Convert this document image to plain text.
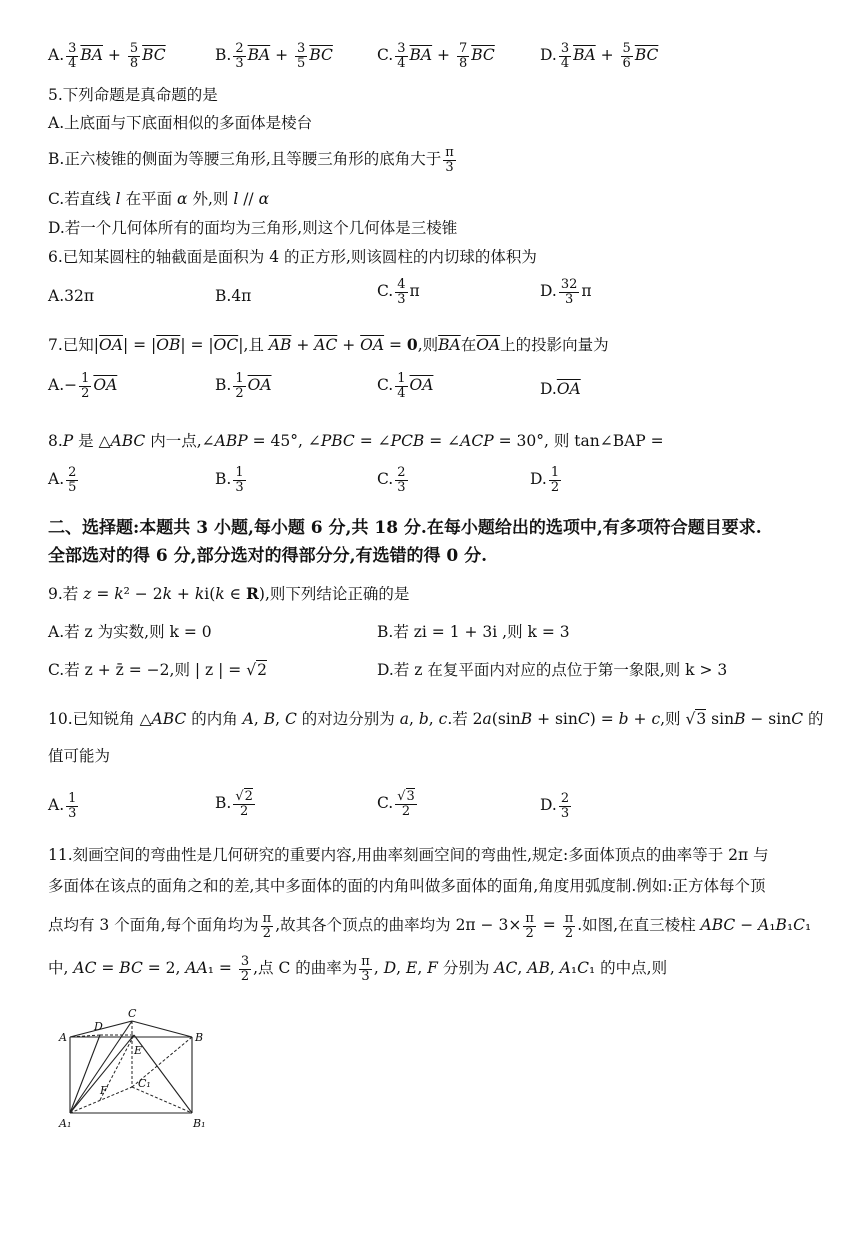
A. $\frac{3}{4} \overline{BA} + \frac{5}{8} \overline{BC}$	B. $\frac{2}{3} \overline{BA} + \frac{3}{5} \overline{BC}$	C. $\frac{3}{4} \overline{BA} + \frac{7}{8} \overline{BC}$	D. $\frac{3}{4} \overline{BA} + \frac{5}{6} \overline{BC}$
5.下列命题是真命题的是
A.上底面与下底面相似的多面体是棱台
B.正六棱锥的侧面为等腰三角形,且等腰三角形的底角大于 $\frac{\pi}{3}$
C.若直线 l 在平面 α 外,则 l // α
D.若一个几何体所有的面均为三角形,则这个几何体是三棱锥
6.已知某圆柱的轴截面是面积为 4 的正方形,则该圆柱的内切球的体积为
A.32π	B.4π	C. $\frac{4}{3}$ π	D. $\frac{32}{3}$ π
7.已知$|\overline{OA}| = |\overline{OB}| = |\overline{OC}|$,且 $\overline{AB} + \overline{AC} + \overline{OA} = 0$,则$\overline{BA}$在$\overline{OA}$上的投影向量为
$A.- \frac{1}{2} \overline{OA}$	B. $\frac{1}{2} \overline{OA}$	C. $\frac{1}{4} \overline{OA}$	$D.\overline{OA}$
8.P 是 △ABC 内一点,∠ABP = 45°, ∠PBC = ∠PCB = ∠ACP = 30°, 则 tan∠BAP =
A. $\frac{2}{5}$	B. $\frac{1}{3}$	C. $\frac{2}{3}$	D. $\frac{1}{2}$
二、选择题:本题共 3 小题,每小题 6 分,共 18 分.在每小题给出的选项中,有多项符合题目要求.
全部选对的得 6 分,部分选对的得部分分,有选错的得 0 分.
9.若 z = k² − 2k + ki(k ∈ R),则下列结论正确的是
A.若 z 为实数,则 k = 0	B.若 zi = 1 + 3i ,则 k = 3
C.若 z + z̄ = −2,则 | z | = √2	D.若 z 在复平面内对应的点位于第一象限,则 k > 3
10.已知锐角 △ABC 的内角 A, B, C 的对边分别为 a, b, c.若 2a(sinB + sinC) = b + c,则 √3 sinB − sinC 的
值可能为
A. $\frac{1}{3}$	B. $\frac{√2}{2}$	C. $\frac{√3}{2}$	D. $\frac{2}{3}$
11.刻画空间的弯曲性是几何研究的重要内容,用曲率刻画空间的弯曲性,规定:多面体顶点的曲率等于 2π 与
多面体在该点的面角之和的差,其中多面体的面的内角叫做多面体的面角,角度用弧度制.例如:正方体每个顶
点均有 3 个面角,每个面角均为 $\frac{\pi}{2}$ ,故其各个顶点的曲率均为 $2\pi - 3\times \frac{\pi}{2} = \frac{\pi}{2}$ .如图,在直三棱柱 ABC − A₁B₁C₁
中, AC = BC = 2, $AA_1 = \frac{3}{2}$ ,点 C 的曲率为 $\frac{\pi}{3}$ , D, E, F 分别为 AC, AB, A₁C₁ 的中点,则
A
D
C
B
E
F
C₁
A₁	B₁
